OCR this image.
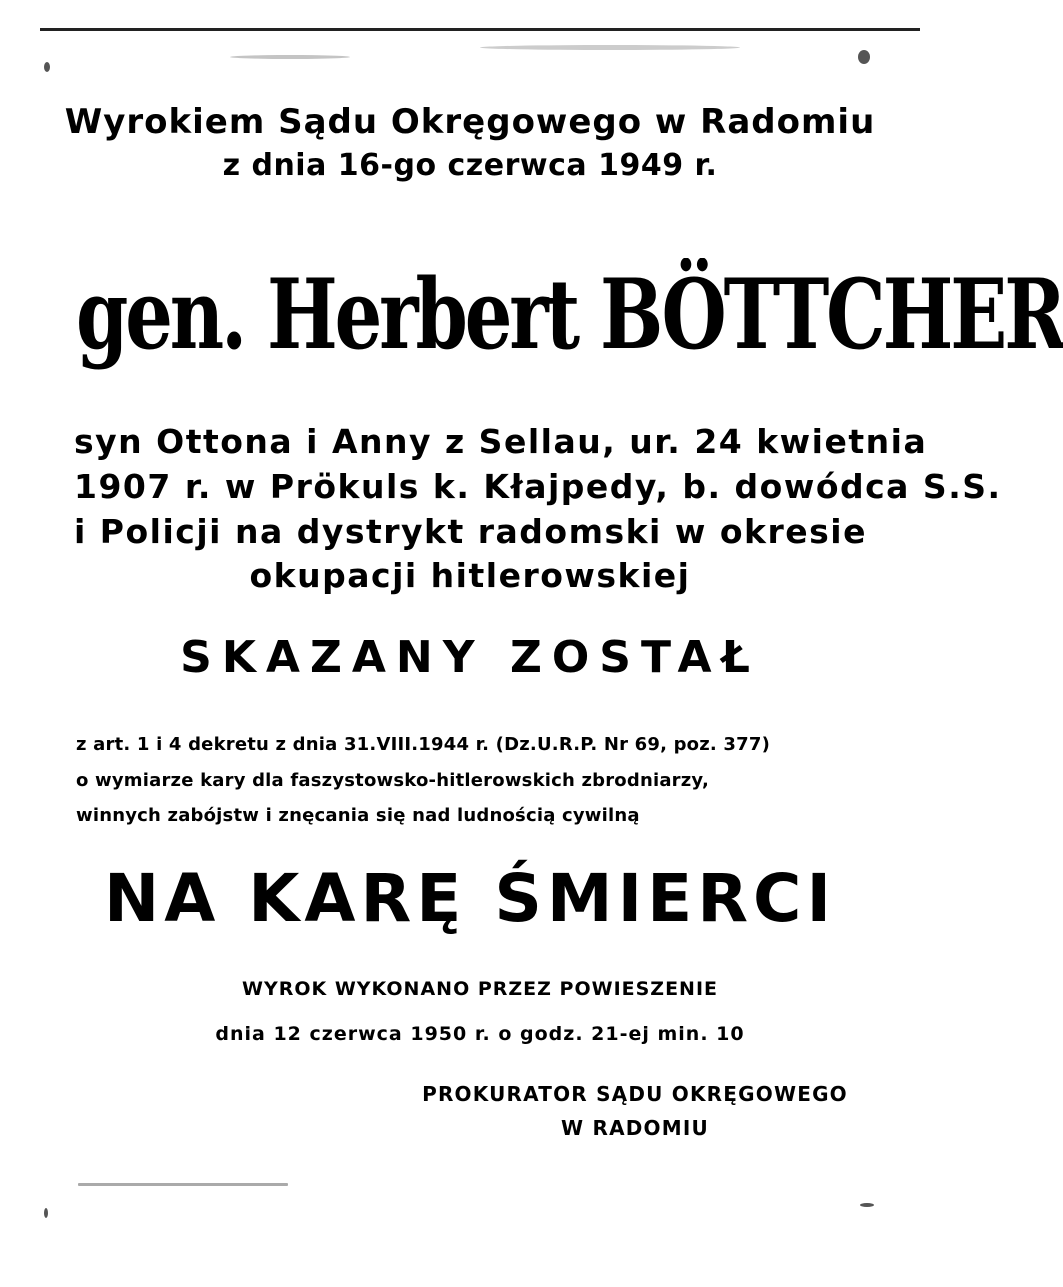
Wyrokiem Sądu Okręgowego w Radomiu
z dnia 16-go czerwca 1949 r.
gen. Herbert BÖTTCHER
syn Ottona i Anny z Sellau, ur. 24 kwietnia
1907 r. w Prökuls k. Kłajpedy, b. dowódca S.S.
i Policji na dystrykt radomski w okresie
okupacji hitlerowskiej
SKAZANY ZOSTAŁ
z art. 1 i 4 dekretu z dnia 31.VIII.1944 r. (Dz.U.R.P. Nr 69, poz. 377)
o wymiarze kary dla faszystowsko-hitlerowskich zbrodniarzy,
winnych zabójstw i znęcania się nad ludnością cywilną
NA KARĘ ŚMIERCI
WYROK WYKONANO PRZEZ POWIESZENIE
dnia 12 czerwca 1950 r. o godz. 21-ej min. 10
PROKURATOR SĄDU OKRĘGOWEGO
W RADOMIU
